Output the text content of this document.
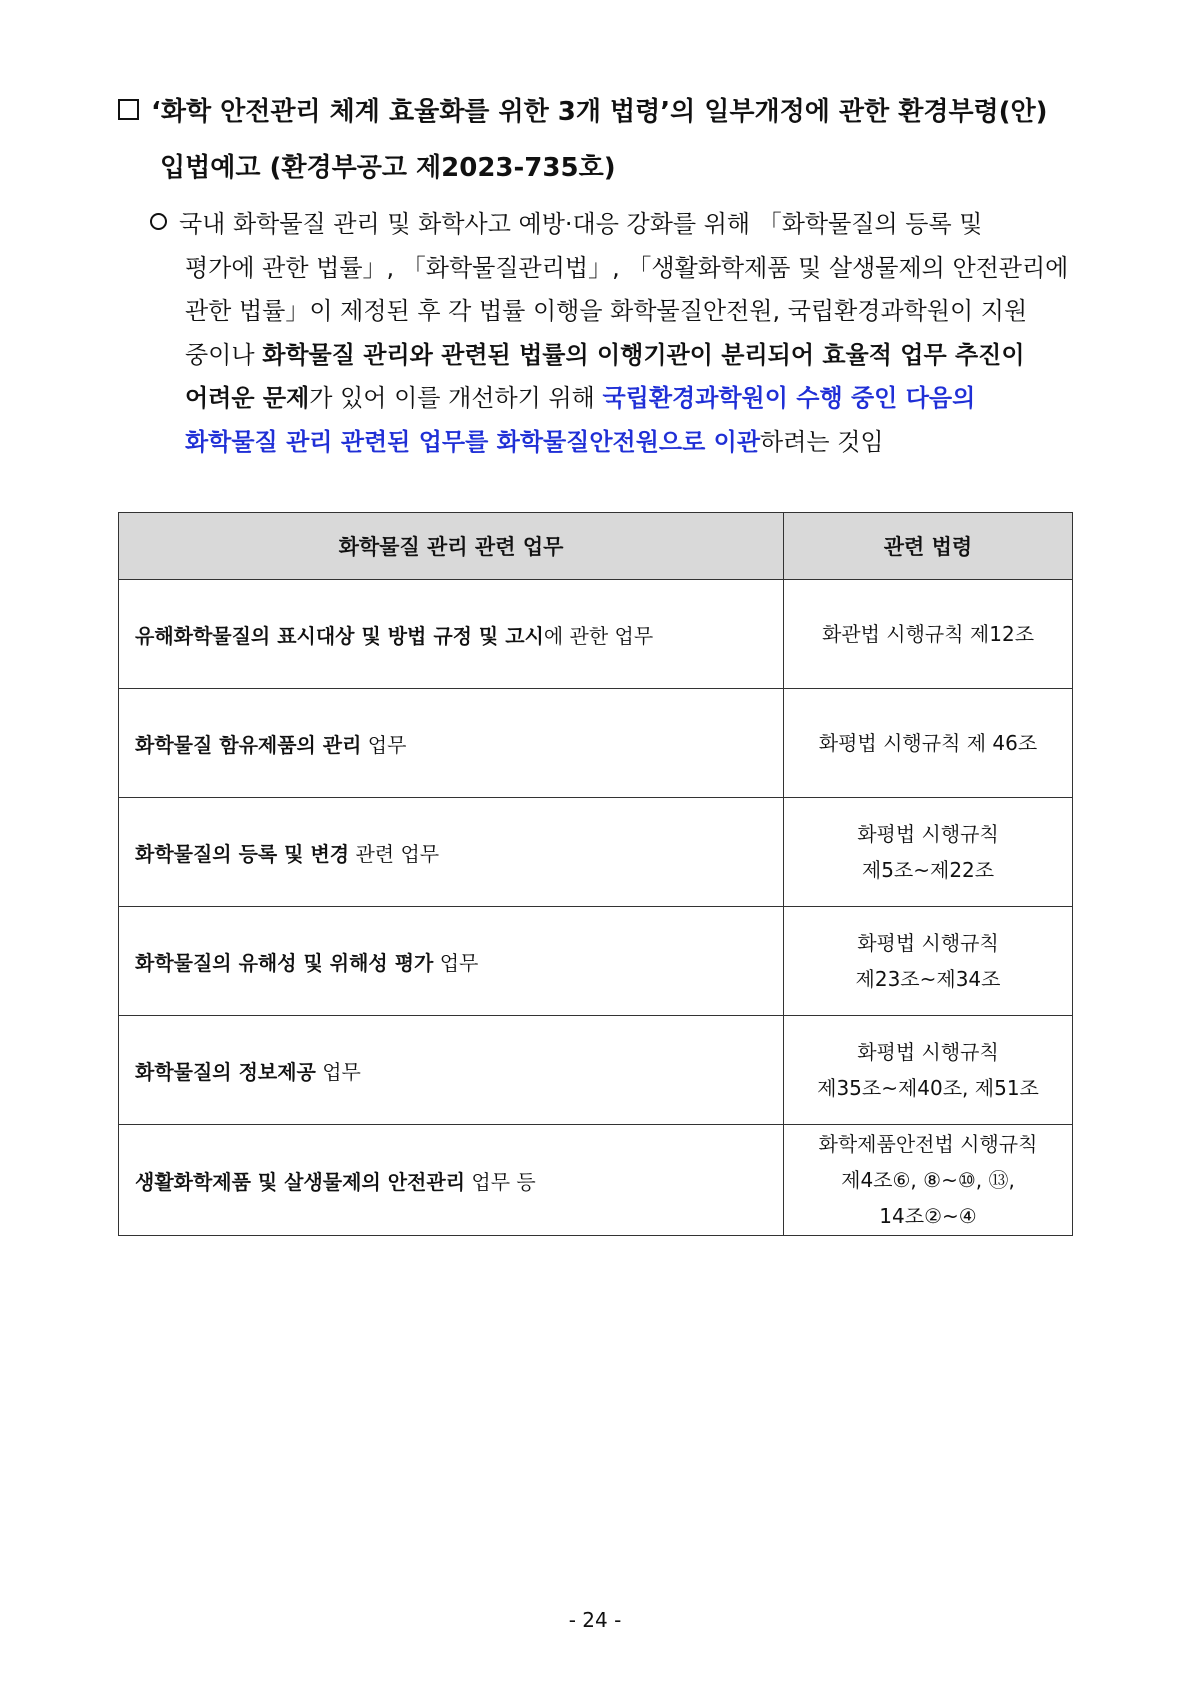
‘화학 안전관리 체계 효율화를 위한 3개 법령’의 일부개정에 관한 환경부령(안)
입법예고 (환경부공고 제2023-735호)
국내 화학물질 관리 및 화학사고 예방·대응 강화를 위해 「화학물질의 등록 및
평가에 관한 법률」, 「화학물질관리법」, 「생활화학제품 및 살생물제의 안전관리에
관한 법률」이 제정된 후 각 법률 이행을 화학물질안전원, 국립환경과학원이 지원
중이나 화학물질 관리와 관련된 법률의 이행기관이 분리되어 효율적 업무 추진이
어려운 문제가 있어 이를 개선하기 위해 국립환경과학원이 수행 중인 다음의
화학물질 관리 관련된 업무를 화학물질안전원으로 이관하려는 것임
화학물질 관리 관련 업무	관련 법령
유해화학물질의 표시대상 및 방법 규정 및 고시에 관한 업무	화관법 시행규칙 제12조

화학물질 함유제품의 관리 업무	화평법 시행규칙 제 46조

화학물질의 등록 및 변경 관련 업무	화평법 시행규칙
제5조~제22조

화학물질의 유해성 및 위해성 평가 업무	화평법 시행규칙
제23조~제34조

화학물질의 정보제공 업무	화평법 시행규칙
제35조~제40조, 제51조

생활화학제품 및 살생물제의 안전관리 업무 등	화학제품안전법 시행규칙
제4조⑥, ⑧~⑩, ⑬,
14조②~④
- 24 -
